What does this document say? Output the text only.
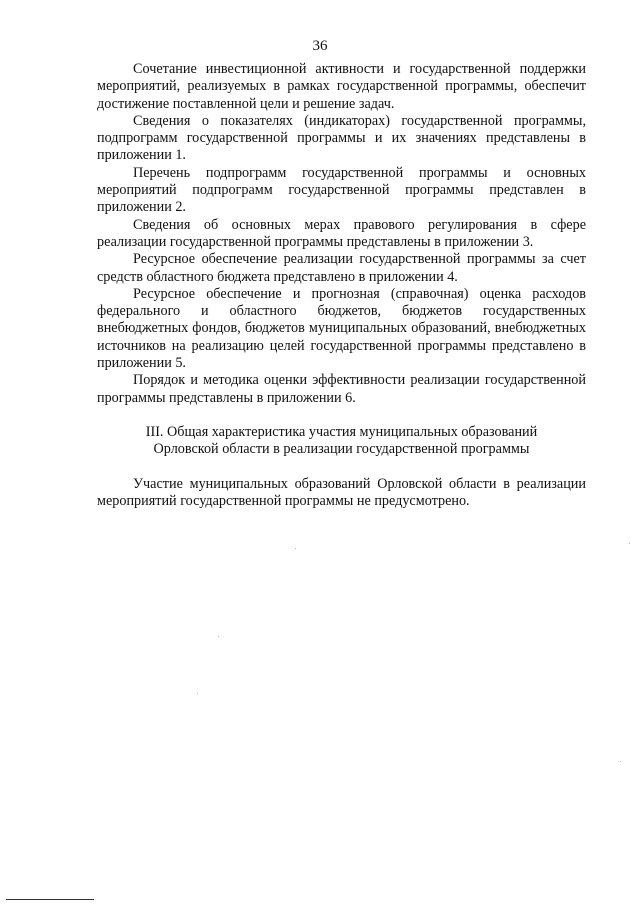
36

Сочетание инвестиционной активности и государственной поддержки мероприятий, реализуемых в рамках государственной программы, обеспечит достижение поставленной цели и решение задач.

Сведения о показателях (индикаторах) государственной программы, подпрограмм государственной программы и их значениях представлены в приложении 1.

Перечень подпрограмм государственной программы и основных мероприятий подпрограмм государственной программы представлен в приложении 2.

Сведения об основных мерах правового регулирования в сфере реализации государственной программы представлены в приложении 3.

Ресурсное обеспечение реализации государственной программы за счет средств областного бюджета представлено в приложении 4.

Ресурсное обеспечение и прогнозная (справочная) оценка расходов федерального и областного бюджетов, бюджетов государственных внебюджетных фондов, бюджетов муниципальных образований, внебюджетных источников на реализацию целей государственной программы представлено в приложении 5.

Порядок и методика оценки эффективности реализации государственной программы представлены в приложении 6.

III. Общая характеристика участия муниципальных образований
Орловской области в реализации государственной программы

Участие муниципальных образований Орловской области в реализации мероприятий государственной программы не предусмотрено.
